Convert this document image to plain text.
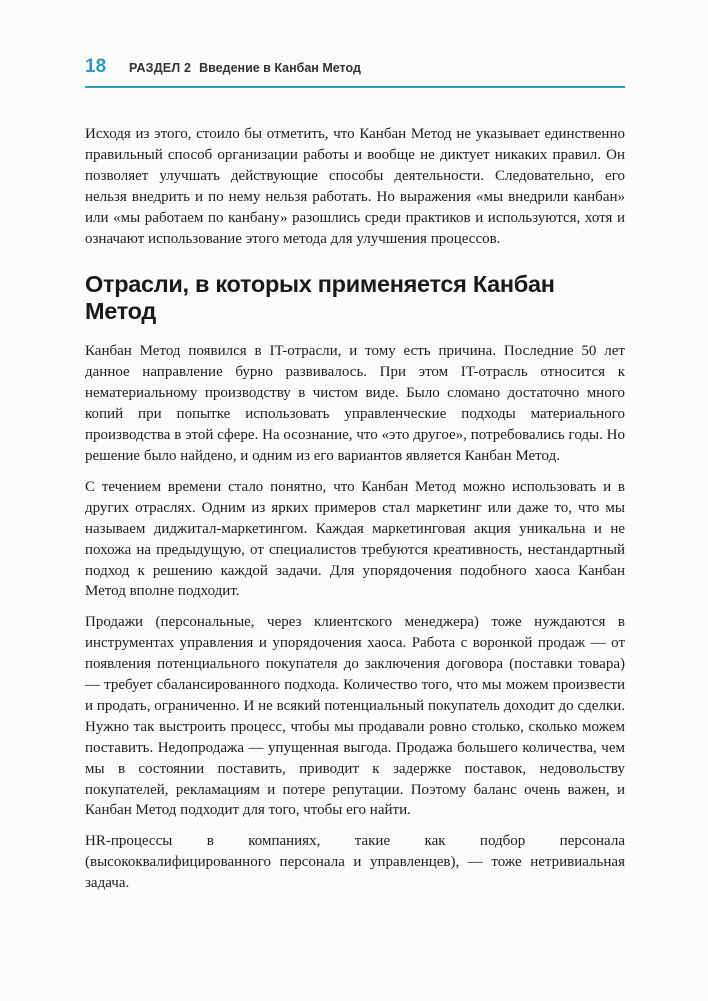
18	РАЗДЕЛ 2 Введение в Канбан Метод

Исходя из этого, стоило бы отметить, что Канбан Метод не указывает единственно правильный способ организации работы и вообще не диктует никаких правил. Он позволяет улучшать действующие способы деятельности. Следовательно, его нельзя внедрить и по нему нельзя работать. Но выражения «мы внедрили канбан» или «мы работаем по канбану» разошлись среди практиков и используются, хотя и означают использование этого метода для улучшения процессов.

Отрасли, в которых применяется Канбан Метод

Канбан Метод появился в IT-отрасли, и тому есть причина. Последние 50 лет данное направление бурно развивалось. При этом IT-отрасль относится к нематериальному производству в чистом виде. Было сломано достаточно много копий при попытке использовать управленческие подходы материального производства в этой сфере. На осознание, что «это другое», потребовались годы. Но решение было найдено, и одним из его вариантов является Канбан Метод.

С течением времени стало понятно, что Канбан Метод можно использовать и в других отраслях. Одним из ярких примеров стал маркетинг или даже то, что мы называем диджитал-маркетингом. Каждая маркетинговая акция уникальна и не похожа на предыдущую, от специалистов требуются креативность, нестандартный подход к решению каждой задачи. Для упорядочения подобного хаоса Канбан Метод вполне подходит.

Продажи (персональные, через клиентского менеджера) тоже нуждаются в инструментах управления и упорядочения хаоса. Работа с воронкой продаж — от появления потенциального покупателя до заключения договора (поставки товара) — требует сбалансированного подхода. Количество того, что мы можем произвести и продать, ограниченно. И не всякий потенциальный покупатель доходит до сделки. Нужно так выстроить процесс, чтобы мы продавали ровно столько, сколько можем поставить. Недопродажа — упущенная выгода. Продажа большего количества, чем мы в состоянии поставить, приводит к задержке поставок, недовольству покупателей, рекламациям и потере репутации. Поэтому баланс очень важен, и Канбан Метод подходит для того, чтобы его найти.

HR-процессы в компаниях, такие как подбор персонала (высококвалифицированного персонала и управленцев), — тоже нетривиальная задача.
